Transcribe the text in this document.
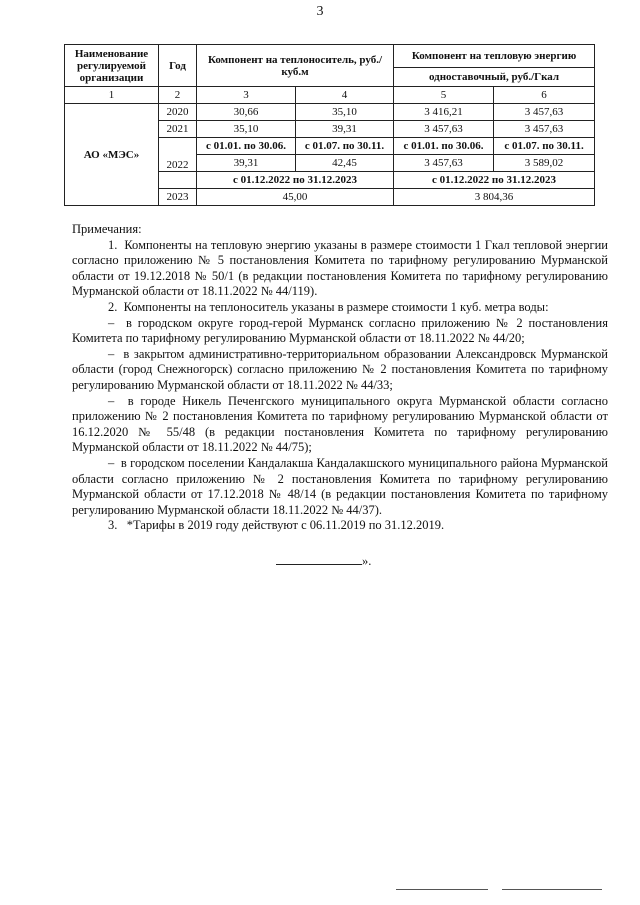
3
Наименование регулируемой организации	Год	Компонент на теплоноситель, руб./куб.м		Компонент на тепловую энергию	
				одноставочный, руб./Гкал	
1	2	3	4	5	6
АО «МЭС»	2020	30,66	35,10	3 416,21	3 457,63
	2021	35,10	39,31	3 457,63	3 457,63
	2022	с 01.01. по 30.06.	с 01.07. по 30.11.	с 01.01. по 30.06.	с 01.07. по 30.11.
		39,31	42,45	3 457,63	3 589,02
		с 01.12.2022 по 31.12.2023		с 01.12.2022 по 31.12.2023	
	2023	45,00		3 804,36	

Примечания:

1.  Компоненты на тепловую энергию указаны в размере стоимости 1 Гкал тепловой энергии согласно приложению № 5 постановления Комитета по тарифному регулированию Мурманской области от 19.12.2018 № 50/1 (в редакции постановления Комитета по тарифному регулированию Мурманской области от 18.11.2022 № 44/119).

2.  Компоненты на теплоноситель указаны в размере стоимости 1 куб. метра воды:

–  в городском округе город-герой Мурманск согласно приложению № 2 постановления Комитета по тарифному регулированию Мурманской области от 18.11.2022 № 44/20;

–  в закрытом административно-территориальном образовании Александровск Мурманской области (город Снежногорск) согласно приложению № 2 постановления Комитета по тарифному регулированию Мурманской области от 18.11.2022 № 44/33;

–  в городе Никель Печенгского муниципального округа Мурманской области согласно приложению № 2 постановления Комитета по тарифному регулированию Мурманской области от 16.12.2020 № 55/48 (в редакции постановления Комитета по тарифному регулированию Мурманской области от 18.11.2022 № 44/75);

–  в городском поселении Кандалакша Кандалакшского муниципального района Мурманской области согласно приложению № 2 постановления Комитета по тарифному регулированию Мурманской области от 17.12.2018 № 48/14 (в редакции постановления Комитета по тарифному регулированию Мурманской области 18.11.2022 № 44/37).

3.   *Тарифы в 2019 году действуют с 06.11.2019 по 31.12.2019.

».
